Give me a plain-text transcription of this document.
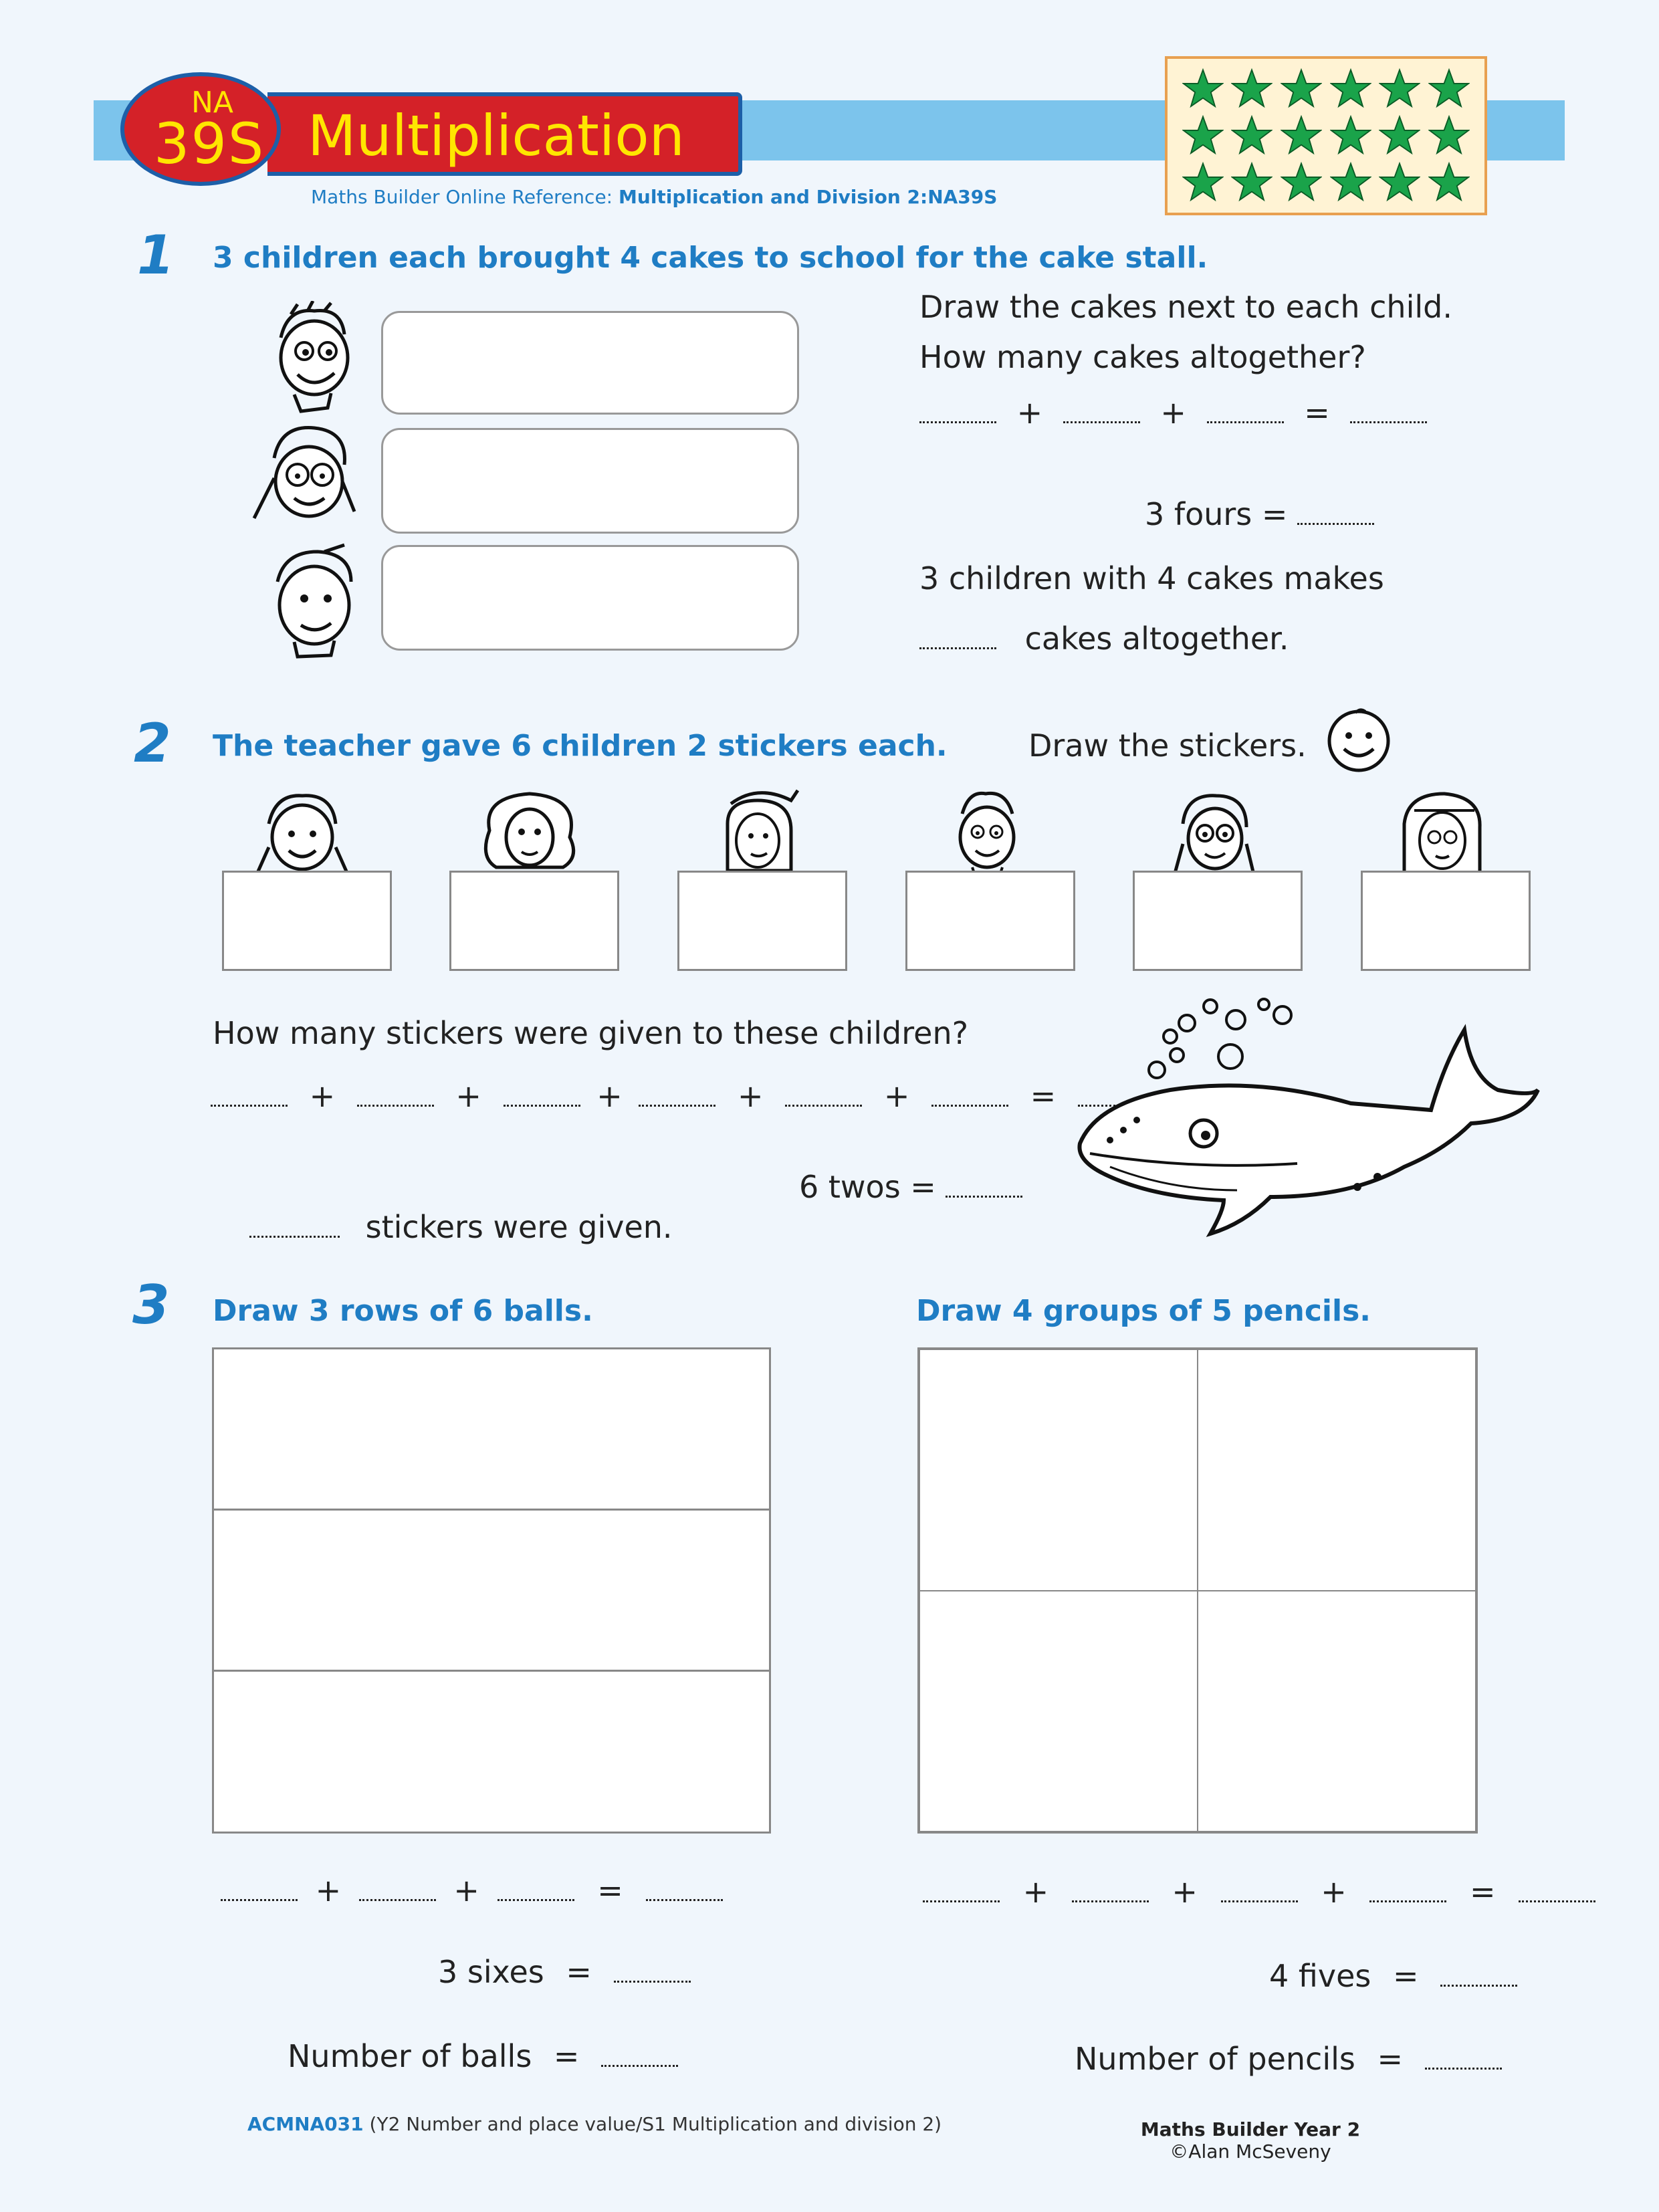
Multiplication
NA
39S
Maths Builder Online Reference: Multiplication and Division 2:NA39S
1 3 children each brought 4 cakes to school for the cake stall.
Draw the cakes next to each child.
How many cakes altogether?
+	+	=
3 fours =
3 children with 4 cakes makes
cakes altogether.
2 The teacher gave 6 children 2 stickers each.	Draw the stickers.
How many stickers were given to these children?
+	+	+	+	+	=
6 twos =
stickers were given.
3 Draw 3 rows of 6 balls.	Draw 4 groups of 5 pencils.
+	+	=
3 sixes =
Number of balls =
+	+	+	=
4 fives =
Number of pencils =
ACMNA031 (Y2 Number and place value/S1 Multiplication and division 2)	Maths Builder Year 2
©Alan McSeveny
